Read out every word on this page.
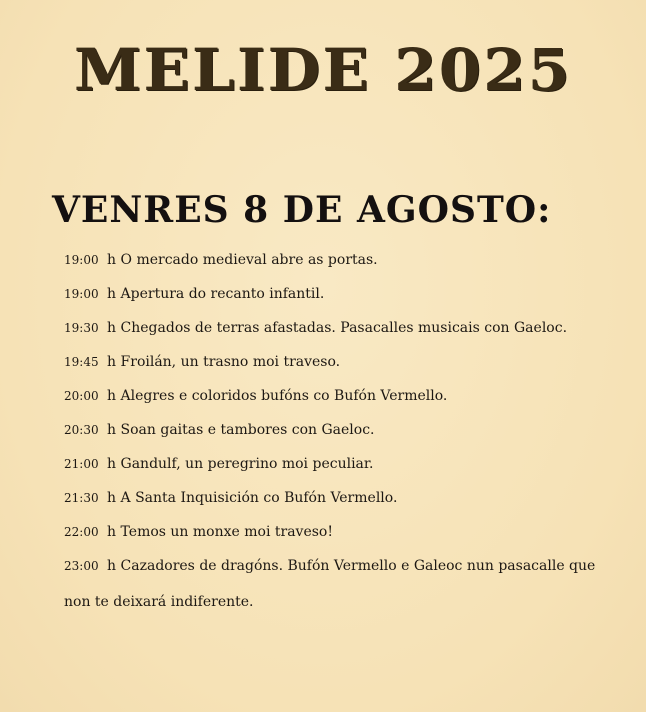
MELIDE 2025
VENRES 8 DE AGOSTO:
19:00 h O mercado medieval abre as portas.
19:00 h Apertura do recanto infantil.
19:30 h Chegados de terras afastadas. Pasacalles musicais con Gaeloc.
19:45 h Froilán, un trasno moi traveso.
20:00 h Alegres e coloridos bufóns co Bufón Vermello.
20:30 h Soan gaitas e tambores con Gaeloc.
21:00 h Gandulf, un peregrino moi peculiar.
21:30 h A Santa Inquisición co Bufón Vermello.
22:00 h Temos un monxe moi traveso!
23:00 h Cazadores de dragóns. Bufón Vermello e Galeoc nun pasacalle que non te deixará indiferente.
